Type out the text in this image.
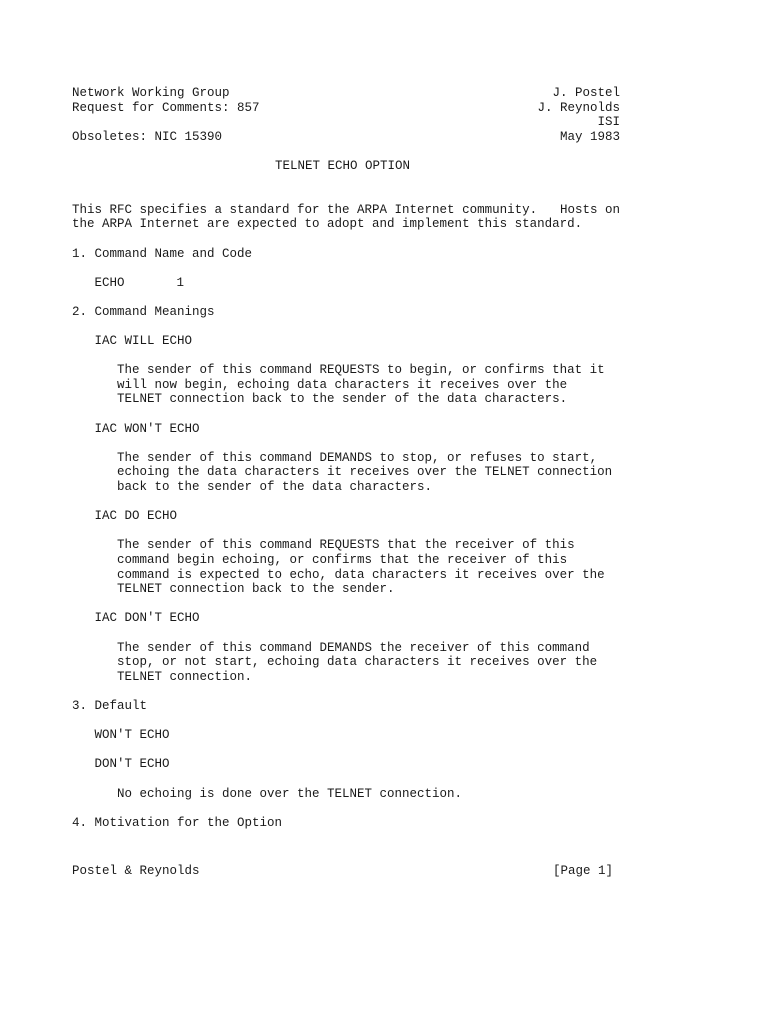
Network Working Group	J. Postel
Request for Comments: 857	J. Reynolds
ISI
Obsoletes: NIC 15390	May 1983
TELNET ECHO OPTION
This RFC specifies a standard for the ARPA Internet community. Hosts on
the ARPA Internet are expected to adopt and implement this standard.
1. Command Name and Code
ECHO	1
2. Command Meanings
IAC WILL ECHO
The sender of this command REQUESTS to begin, or confirms that it
will now begin, echoing data characters it receives over the
TELNET connection back to the sender of the data characters.
IAC WON'T ECHO
The sender of this command DEMANDS to stop, or refuses to start,
echoing the data characters it receives over the TELNET connection
back to the sender of the data characters.
IAC DO ECHO
The sender of this command REQUESTS that the receiver of this
command begin echoing, or confirms that the receiver of this
command is expected to echo, data characters it receives over the
TELNET connection back to the sender.
IAC DON'T ECHO
The sender of this command DEMANDS the receiver of this command
stop, or not start, echoing data characters it receives over the
TELNET connection.
3. Default
WON'T ECHO
DON'T ECHO
No echoing is done over the TELNET connection.
4. Motivation for the Option
Postel & Reynolds	[Page 1]
